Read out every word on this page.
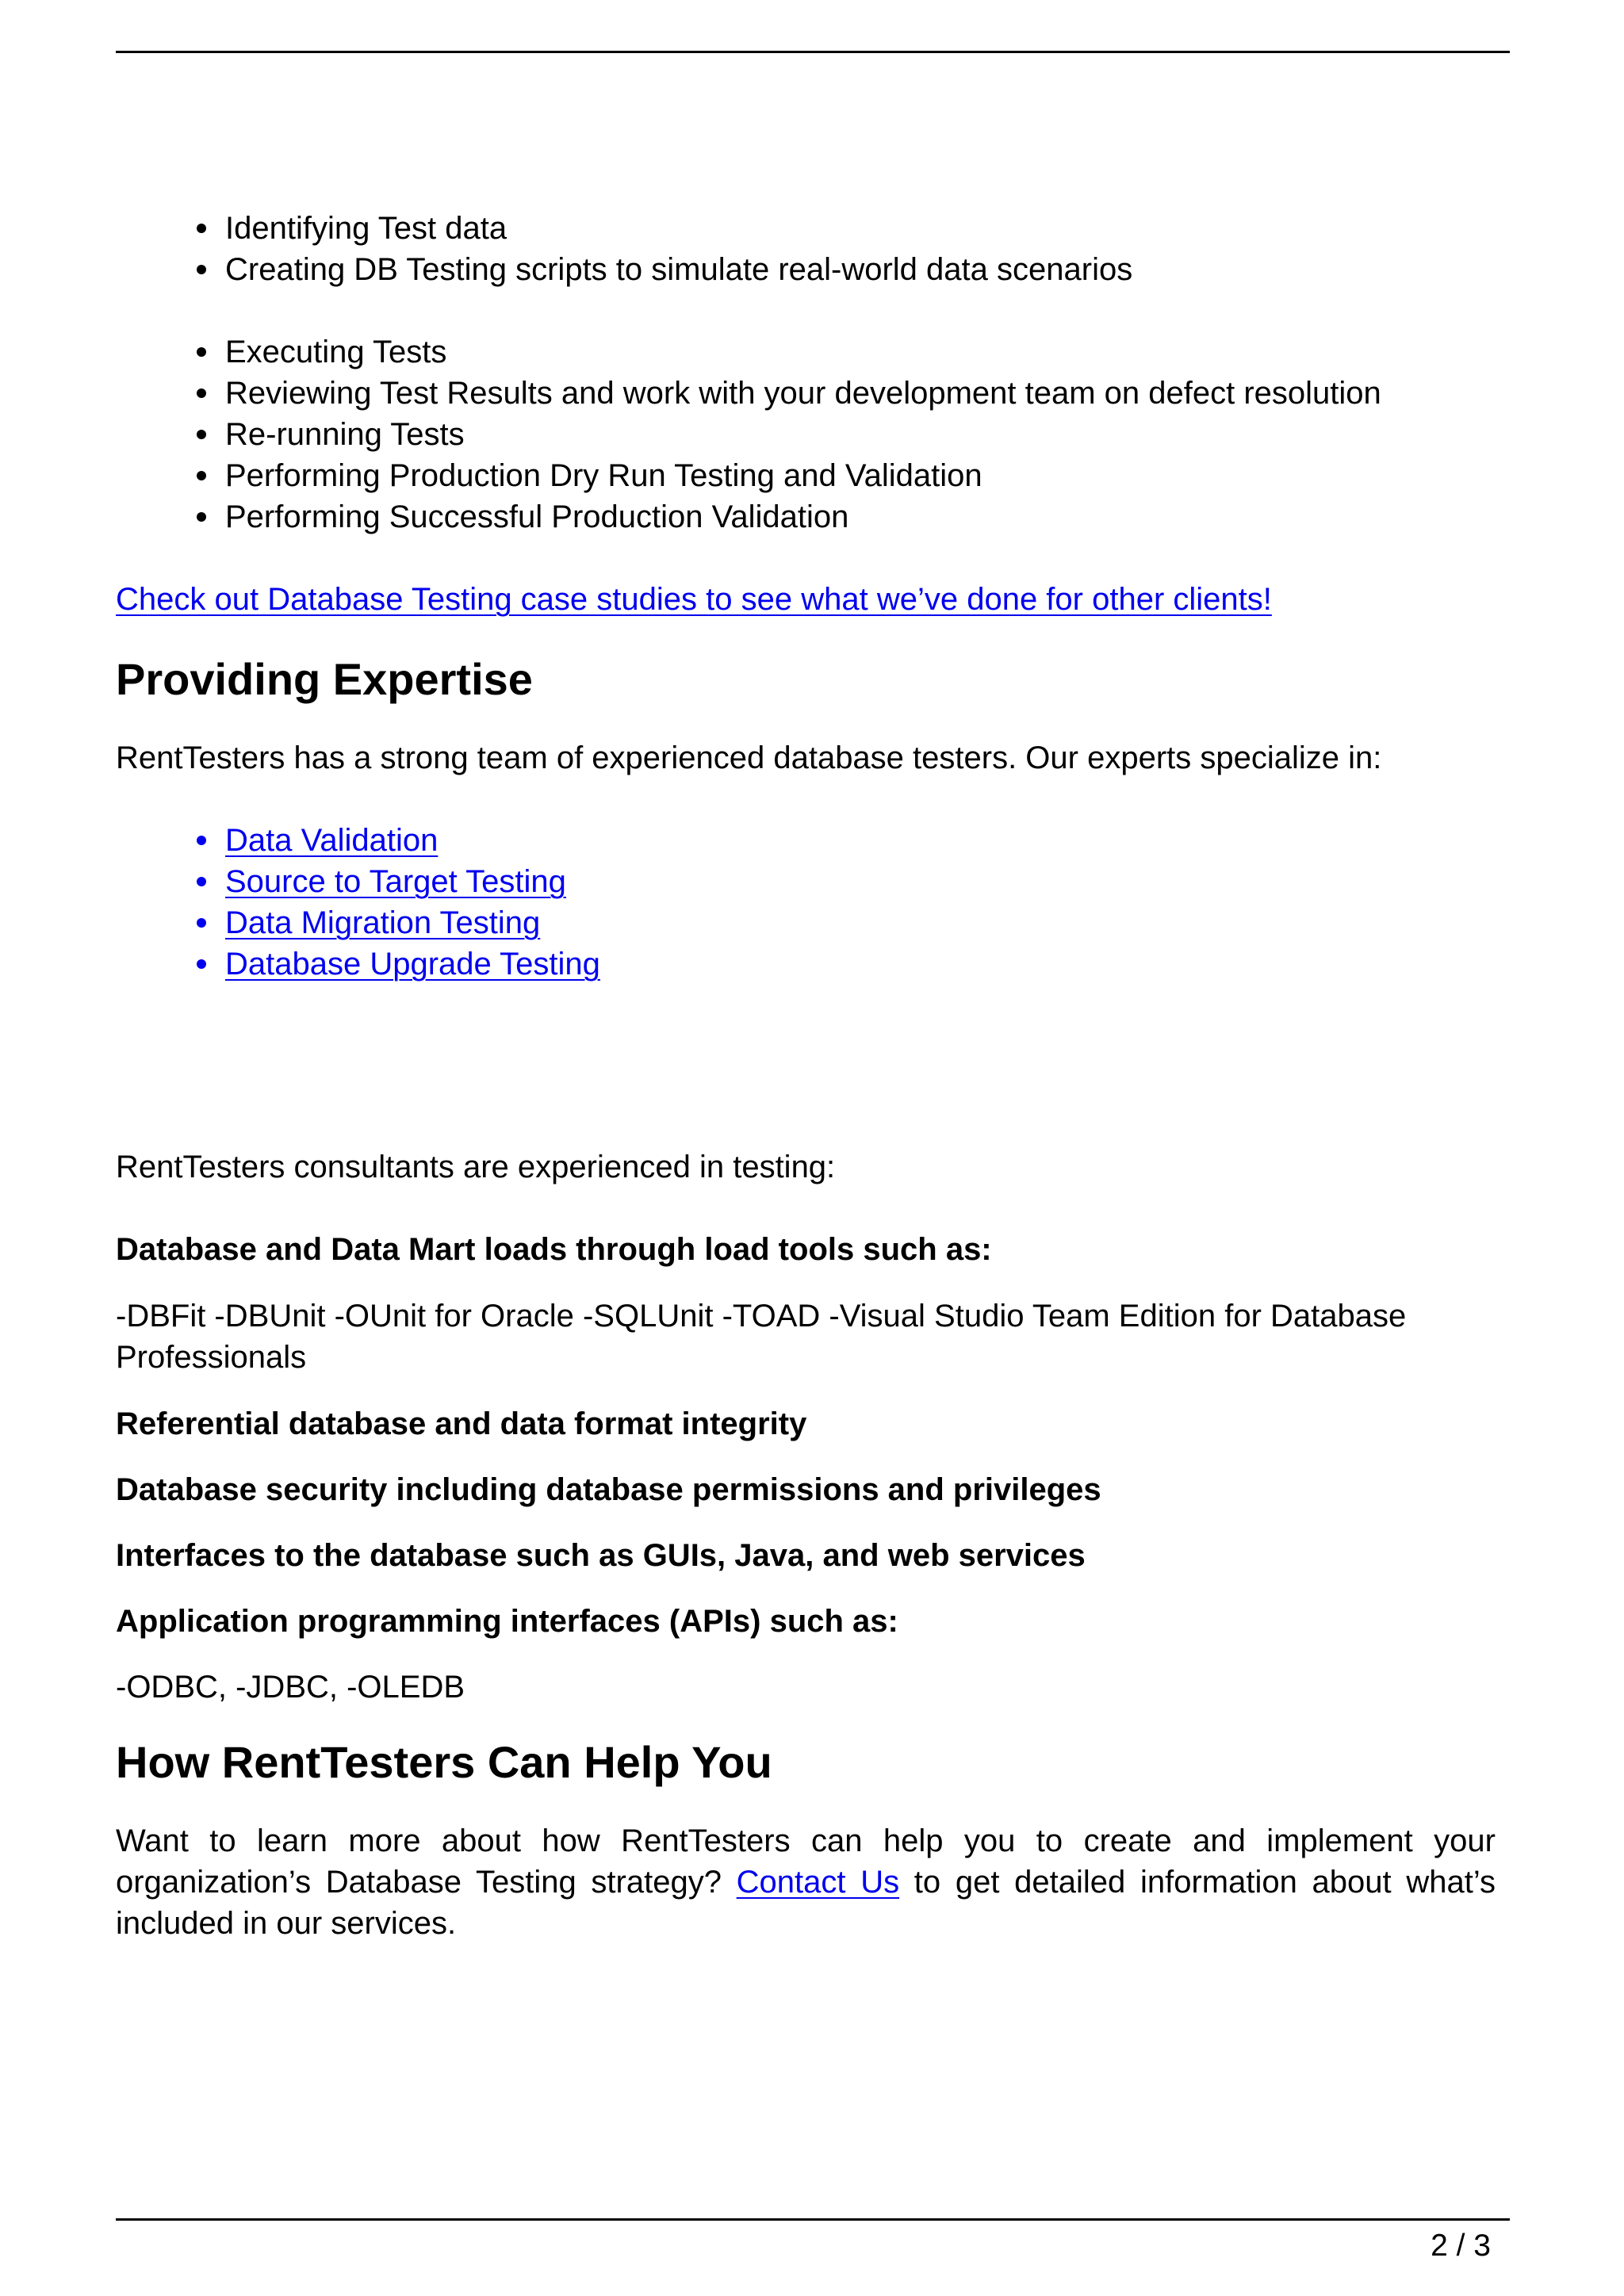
Identifying Test data
Creating DB Testing scripts to simulate real-world data scenarios
Executing Tests
Reviewing Test Results and work with your development team on defect resolution
Re-running Tests
Performing Production Dry Run Testing and Validation
Performing Successful Production Validation

Check out Database Testing case studies to see what we’ve done for other clients!

Providing Expertise

RentTesters has a strong team of experienced database testers. Our experts specialize in:

Data Validation
Source to Target Testing
Data Migration Testing
Database Upgrade Testing

RentTesters consultants are experienced in testing:

Database and Data Mart loads through load tools such as:

-DBFit -DBUnit -OUnit for Oracle -SQLUnit -TOAD -Visual Studio Team Edition for Database Professionals

Referential database and data format integrity

Database security including database permissions and privileges

Interfaces to the database such as GUIs, Java, and web services

Application programming interfaces (APIs) such as:

-ODBC, -JDBC, -OLEDB

How RentTesters Can Help You

Want to learn more about how RentTesters can help you to create and implement your organization’s Database Testing strategy? Contact Us to get detailed information about what’s included in our services.

2 / 3
